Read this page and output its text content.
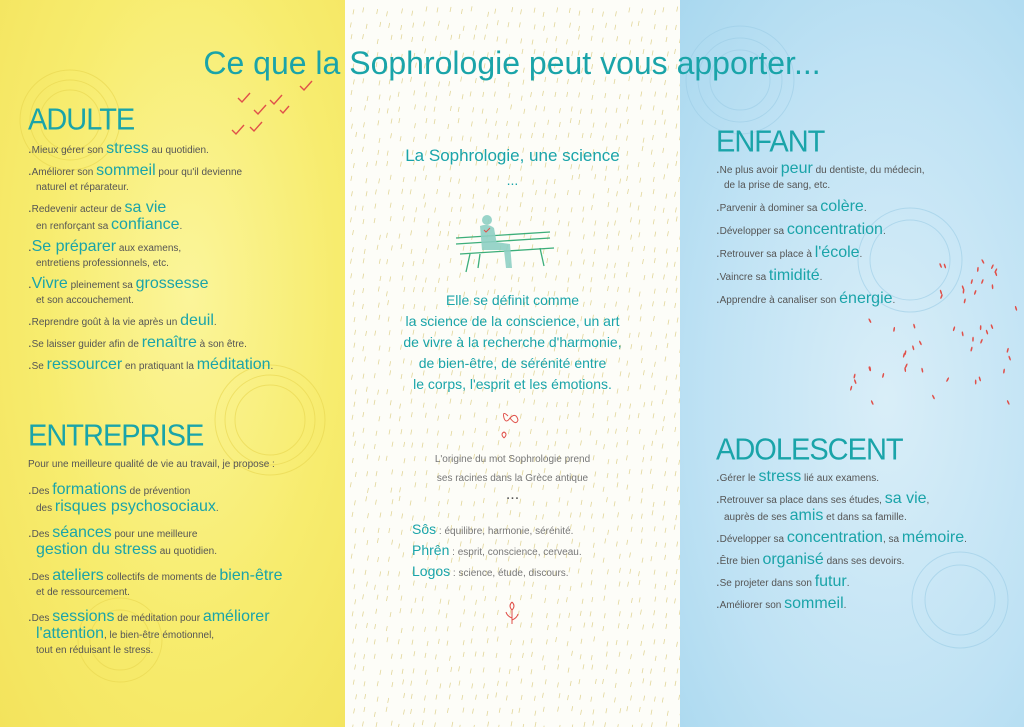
Ce que la Sophrologie peut vous apporter...
ADULTE
.Mieux gérer son stress au quotidien.
.Améliorer son sommeil pour qu'il devienne
naturel et réparateur.
.Redevenir acteur de sa vie
en renforçant sa confiance.
.Se préparer aux examens,
entretiens professionnels, etc.
.Vivre pleinement sa grossesse
et son accouchement.
.Reprendre goût à la vie après un deuil.
.Se laisser guider afin de renaître à son être.
.Se ressourcer en pratiquant la méditation.
ENTREPRISE
Pour une meilleure qualité de vie au travail, je propose :
.Des formations de prévention
des risques psychosociaux.
.Des séances pour une meilleure
gestion du stress au quotidien.
.Des ateliers collectifs de moments de bien-être
et de ressourcement.
.Des sessions de méditation pour améliorer
l'attention, le bien-être émotionnel,
tout en réduisant le stress.
La Sophrologie, une science
...
Elle se définit comme
la science de la conscience, un art
de vivre à la recherche d'harmonie,
de bien-être, de sérénité entre
le corps, l'esprit et les émotions.
L'origine du mot Sophrologie prend
ses racines dans la Grèce antique
...
Sôs : équilibre, harmonie, sérénité.
Phrên : esprit, conscience, cerveau.
Logos : science, étude, discours.
ENFANT
.Ne plus avoir peur du dentiste, du médecin,
de la prise de sang, etc.
.Parvenir à dominer sa colère.
.Développer sa concentration.
.Retrouver sa place à l'école.
.Vaincre sa timidité.
.Apprendre à canaliser son énergie.
ADOLESCENT
.Gérer le stress lié aux examens.
.Retrouver sa place dans ses études, sa vie,
auprès de ses amis et dans sa famille.
.Développer sa concentration, sa mémoire.
.Être bien organisé dans ses devoirs.
.Se projeter dans son futur.
.Améliorer son sommeil.
